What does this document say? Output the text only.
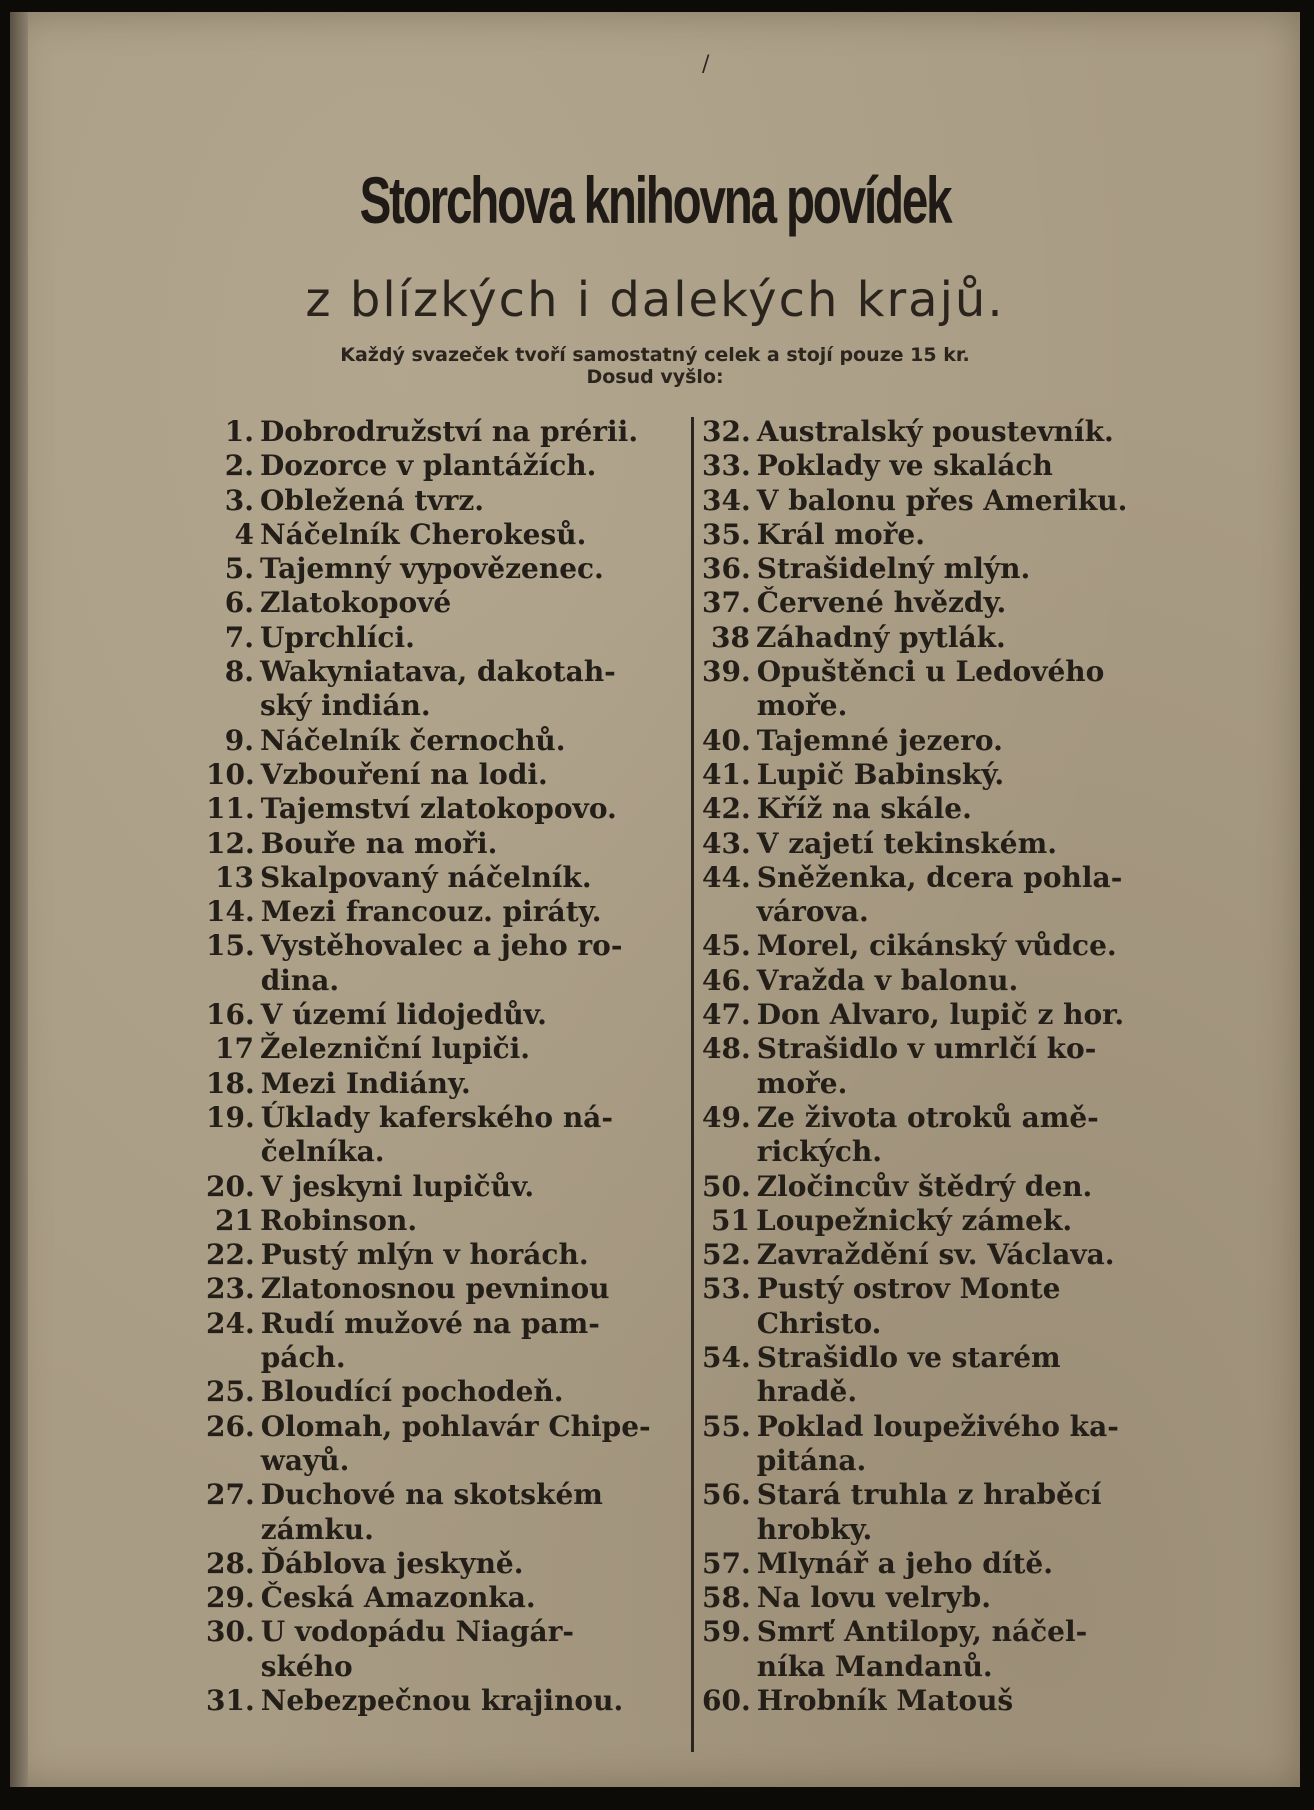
/
Storchova knihovna povídek
z blízkých i dalekých krajů.
Každý svazeček tvoří samostatný celek a stojí pouze 15 kr.
Dosud vyšlo:
1. Dobrodružství na prérii.
2. Dozorce v plantážích.
3. Obležená tvrz.
4 Náčelník Cherokesů.
5. Tajemný vypovězenec.
6. Zlatokopové
7. Uprchlíci.
8. Wakyniatava, dakotah-
ský indián.
9. Náčelník černochů.
10. Vzbouření na lodi.
11. Tajemství zlatokopovo.
12. Bouře na moři.
13 Skalpovaný náčelník.
14. Mezi francouz. piráty.
15. Vystěhovalec a jeho ro-
dina.
16. V území lidojedův.
17 Železniční lupiči.
18. Mezi Indiány.
19. Úklady kaferského ná-
čelníka.
20. V jeskyni lupičův.
21 Robinson.
22. Pustý mlýn v horách.
23. Zlatonosnou pevninou
24. Rudí mužové na pam-
pách.
25. Bloudící pochodeň.
26. Olomah, pohlavár Chipe-
wayů.
27. Duchové na skotském
zámku.
28. Ďáblova jeskyně.
29. Česká Amazonka.
30. U vodopádu Niagár-
ského
31. Nebezpečnou krajinou.
32. Australský poustevník.
33. Poklady ve skalách
34. V balonu přes Ameriku.
35. Král moře.
36. Strašidelný mlýn.
37. Červené hvězdy.
38 Záhadný pytlák.
39. Opuštěnci u Ledového
moře.
40. Tajemné jezero.
41. Lupič Babinský.
42. Kříž na skále.
43. V zajetí tekinském.
44. Sněženka, dcera pohla-
várova.
45. Morel, cikánský vůdce.
46. Vražda v balonu.
47. Don Alvaro, lupič z hor.
48. Strašidlo v umrlčí ko-
moře.
49. Ze života otroků amě-
rických.
50. Zločincův štědrý den.
51 Loupežnický zámek.
52. Zavraždění sv. Václava.
53. Pustý ostrov Monte
Christo.
54. Strašidlo ve starém
hradě.
55. Poklad loupeživého ka-
pitána.
56. Stará truhla z hraběcí
hrobky.
57. Mlynář a jeho dítě.
58. Na lovu velryb.
59. Smrť Antilopy, náčel-
níka Mandanů.
60. Hrobník Matouš
